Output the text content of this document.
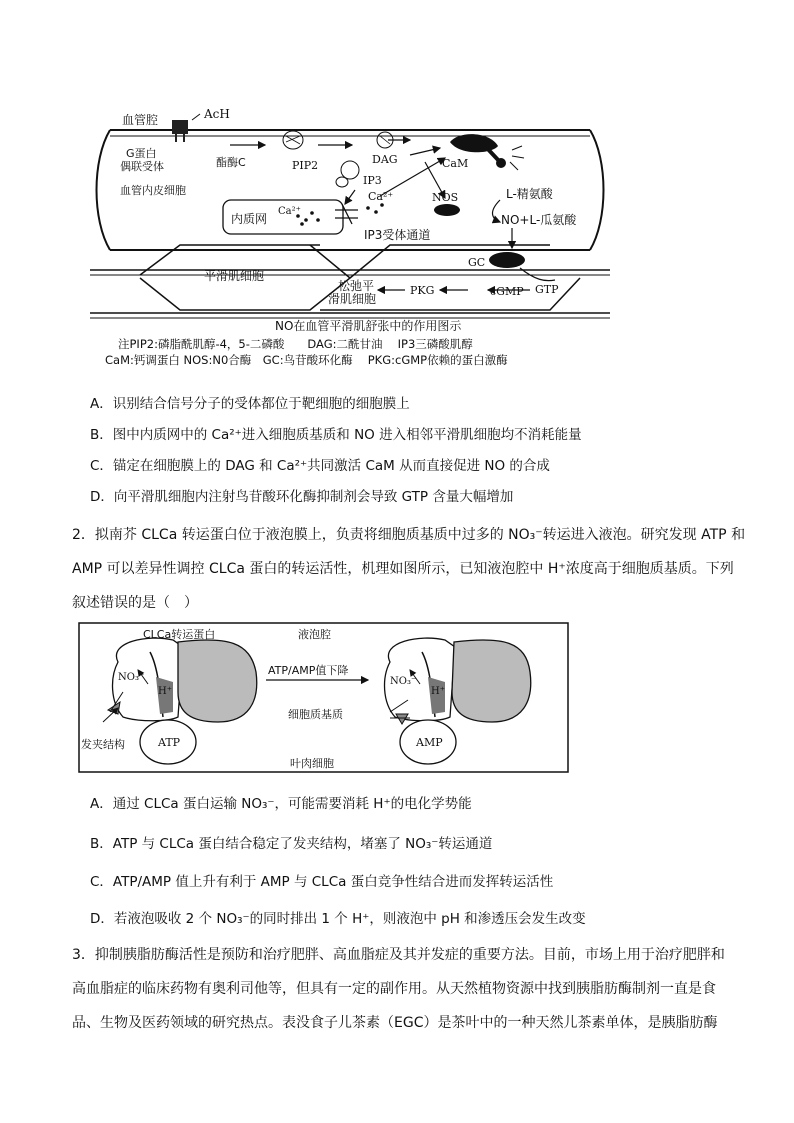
血管腔	AcH
G蛋白
偶联受体	酯酶C	PIP2	DAG	CaM
IP3
Ca²⁺
Ca²⁺
血管内皮细胞
内质网
NOS	L-精氨酸
NO+L-瓜氨酸
IP3受体通道
GC
平滑肌细胞
松弛平
滑肌细胞
PKG	cGMP GTP
NO在血管平滑肌舒张中的作用图示
注PIP2:磷脂酰肌醇-4，5-二磷酸　　DAG:二酰甘油　 IP3三磷酸肌醇
CaM:钙调蛋白 NOS:N0合酶　GC:鸟苷酸环化酶　 PKG:cGMP依赖的蛋白激酶
A．识别结合信号分子的受体都位于靶细胞的细胞膜上
B．图中内质网中的 Ca²⁺进入细胞质基质和 NO 进入相邻平滑肌细胞均不消耗能量
C．锚定在细胞膜上的 DAG 和 Ca²⁺共同激活 CaM 从而直接促进 NO 的合成
D．向平滑肌细胞内注射鸟苷酸环化酶抑制剂会导致 GTP 含量大幅增加
2．拟南芥 CLCa 转运蛋白位于液泡膜上，负责将细胞质基质中过多的 NO₃⁻转运进入液泡。研究发现 ATP 和
AMP 可以差异性调控 CLCa 蛋白的转运活性，机理如图所示，已知液泡腔中 H⁺浓度高于细胞质基质。下列
叙述错误的是（　）
CLCa转运蛋白	液泡腔
ATP/AMP值下降
细胞质基质
叶肉细胞
发夹结构
NO₃⁻
H⁺
ATP
NO₃⁻
H⁺
AMP
A．通过 CLCa 蛋白运输 NO₃⁻，可能需要消耗 H⁺的电化学势能
B．ATP 与 CLCa 蛋白结合稳定了发夹结构，堵塞了 NO₃⁻转运通道
C．ATP/AMP 值上升有利于 AMP 与 CLCa 蛋白竞争性结合进而发挥转运活性
D．若液泡吸收 2 个 NO₃⁻的同时排出 1 个 H⁺，则液泡中 pH 和渗透压会发生改变
3．抑制胰脂肪酶活性是预防和治疗肥胖、高血脂症及其并发症的重要方法。目前，市场上用于治疗肥胖和
高血脂症的临床药物有奥利司他等，但具有一定的副作用。从天然植物资源中找到胰脂肪酶制剂一直是食
品、生物及医药领域的研究热点。表没食子儿茶素（EGC）是茶叶中的一种天然儿茶素单体，是胰脂肪酶
